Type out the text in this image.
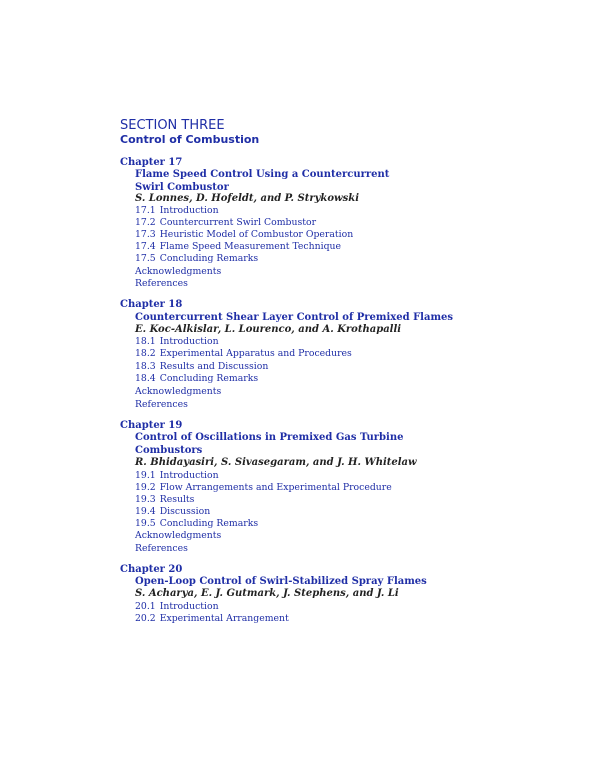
SECTION THREE
Control of Combustion
Chapter 17
Flame Speed Control Using a Countercurrent
Swirl Combustor
S. Lonnes, D. Hofeldt, and P. Strykowski
17.1 Introduction
17.2 Countercurrent Swirl Combustor
17.3 Heuristic Model of Combustor Operation
17.4 Flame Speed Measurement Technique
17.5 Concluding Remarks
Acknowledgments
References
Chapter 18
Countercurrent Shear Layer Control of Premixed Flames
E. Koc-Alkislar, L. Lourenco, and A. Krothapalli
18.1 Introduction
18.2 Experimental Apparatus and Procedures
18.3 Results and Discussion
18.4 Concluding Remarks
Acknowledgments
References
Chapter 19
Control of Oscillations in Premixed Gas Turbine
Combustors
R. Bhidayasiri, S. Sivasegaram, and J. H. Whitelaw
19.1 Introduction
19.2 Flow Arrangements and Experimental Procedure
19.3 Results
19.4 Discussion
19.5 Concluding Remarks
Acknowledgments
References
Chapter 20
Open-Loop Control of Swirl-Stabilized Spray Flames
S. Acharya, E. J. Gutmark, J. Stephens, and J. Li
20.1 Introduction
20.2 Experimental Arrangement
